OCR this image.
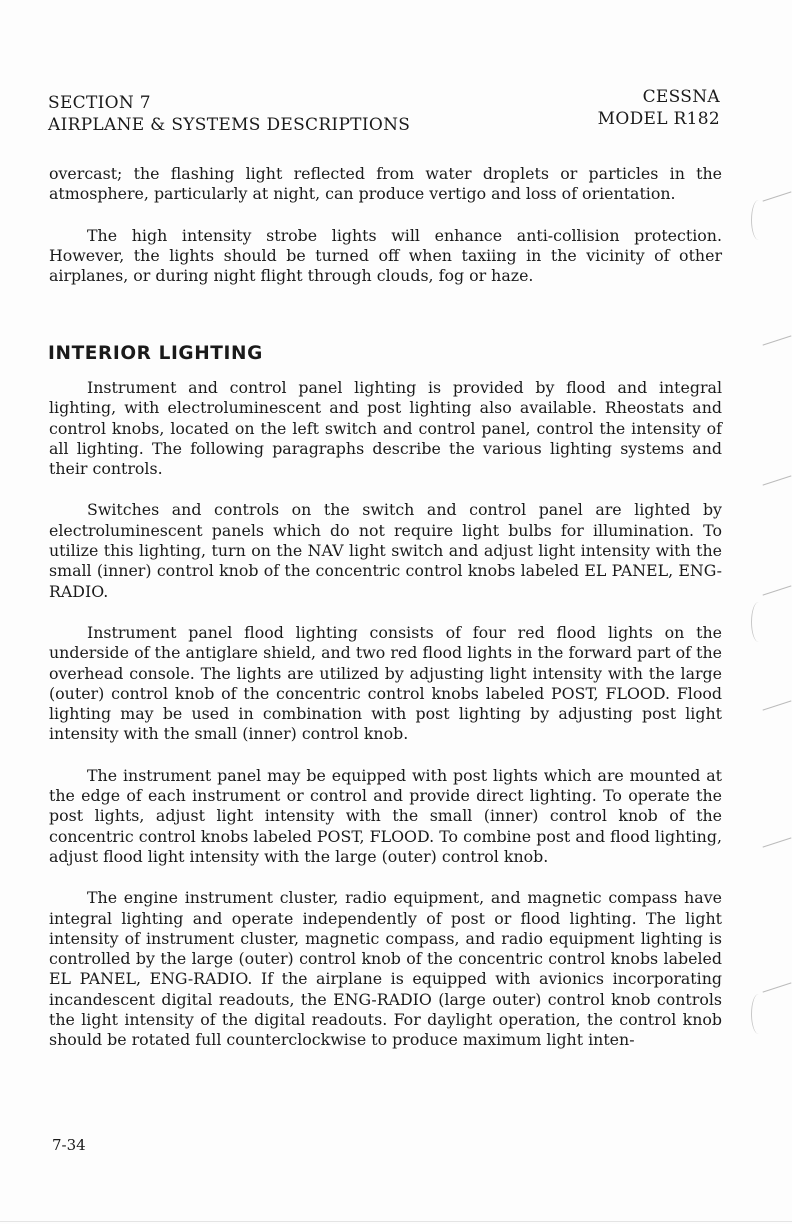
SECTION 7
AIRPLANE & SYSTEMS DESCRIPTIONS
CESSNA
MODEL R182

overcast; the flashing light reflected from water droplets or particles in the atmosphere, particularly at night, can produce vertigo and loss of orientation.

The high intensity strobe lights will enhance anti-collision protection. However, the lights should be turned off when taxiing in the vicinity of other airplanes, or during night flight through clouds, fog or haze.

INTERIOR LIGHTING

Instrument and control panel lighting is provided by flood and integral lighting, with electroluminescent and post lighting also available. Rheostats and control knobs, located on the left switch and control panel, control the intensity of all lighting. The following paragraphs describe the various lighting systems and their controls.

Switches and controls on the switch and control panel are lighted by electroluminescent panels which do not require light bulbs for illumination. To utilize this lighting, turn on the NAV light switch and adjust light intensity with the small (inner) control knob of the concentric control knobs labeled EL PANEL, ENG-RADIO.

Instrument panel flood lighting consists of four red flood lights on the underside of the antiglare shield, and two red flood lights in the forward part of the overhead console. The lights are utilized by adjusting light intensity with the large (outer) control knob of the concentric control knobs labeled POST, FLOOD. Flood lighting may be used in combination with post lighting by adjusting post light intensity with the small (inner) control knob.

The instrument panel may be equipped with post lights which are mounted at the edge of each instrument or control and provide direct lighting. To operate the post lights, adjust light intensity with the small (inner) control knob of the concentric control knobs labeled POST, FLOOD. To combine post and flood lighting, adjust flood light intensity with the large (outer) control knob.

The engine instrument cluster, radio equipment, and magnetic compass have integral lighting and operate independently of post or flood lighting. The light intensity of instrument cluster, magnetic compass, and radio equipment lighting is controlled by the large (outer) control knob of the concentric control knobs labeled EL PANEL, ENG-RADIO. If the airplane is equipped with avionics incorporating incandescent digital readouts, the ENG-RADIO (large outer) control knob controls the light intensity of the digital readouts. For daylight operation, the control knob should be rotated full counterclockwise to produce maximum light inten-

7-34
